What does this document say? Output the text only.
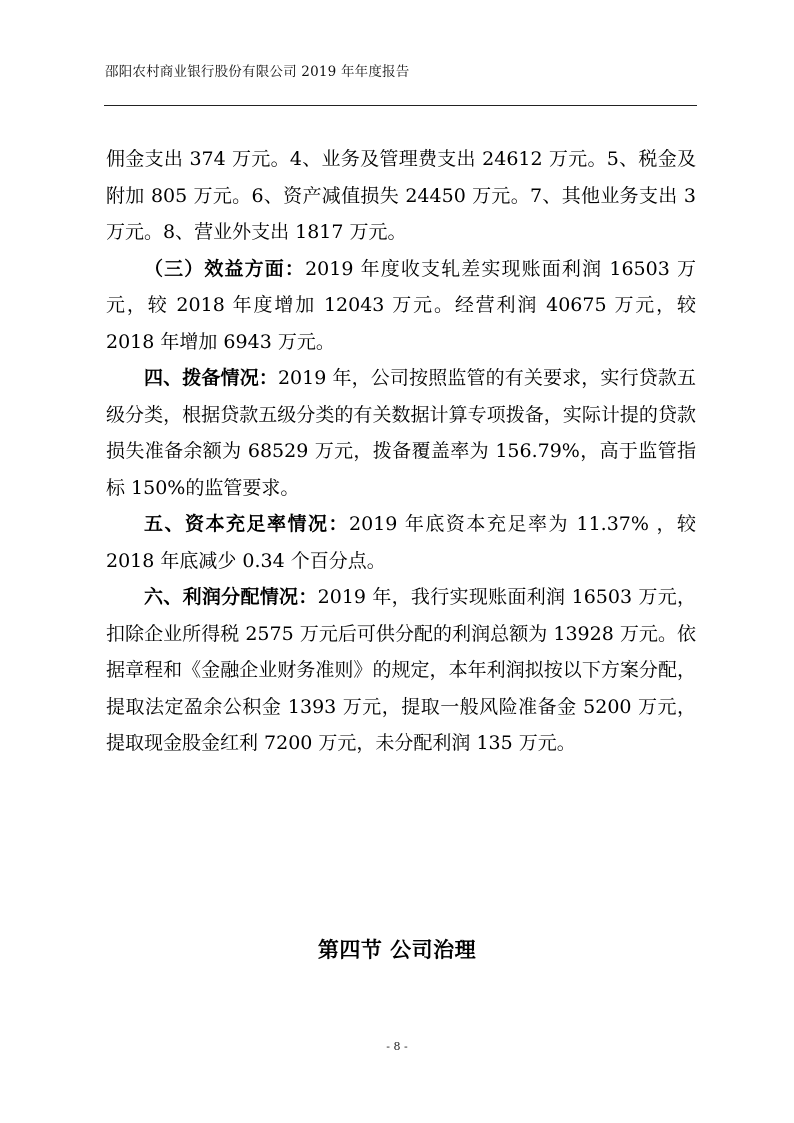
邵阳农村商业银行股份有限公司 2019 年年度报告

佣金支出 374 万元。4、业务及管理费支出 24612 万元。5、税金及附加 805 万元。6、资产减值损失 24450 万元。7、其他业务支出 3 万元。8、营业外支出 1817 万元。

（三）效益方面：2019 年度收支轧差实现账面利润 16503 万元，较 2018 年度增加 12043 万元。经营利润 40675 万元，较 2018 年增加 6943 万元。

四、拨备情况：2019 年，公司按照监管的有关要求，实行贷款五级分类，根据贷款五级分类的有关数据计算专项拨备，实际计提的贷款损失准备余额为 68529 万元，拨备覆盖率为 156.79%，高于监管指标 150%的监管要求。

五、资本充足率情况：2019 年底资本充足率为 11.37% ，较 2018 年底减少 0.34 个百分点。

六、利润分配情况：2019 年，我行实现账面利润 16503 万元，扣除企业所得税 2575 万元后可供分配的利润总额为 13928 万元。依据章程和《金融企业财务准则》的规定，本年利润拟按以下方案分配，提取法定盈余公积金 1393 万元，提取一般风险准备金 5200 万元，提取现金股金红利 7200 万元，未分配利润 135 万元。

第四节 公司治理
- 8 -
